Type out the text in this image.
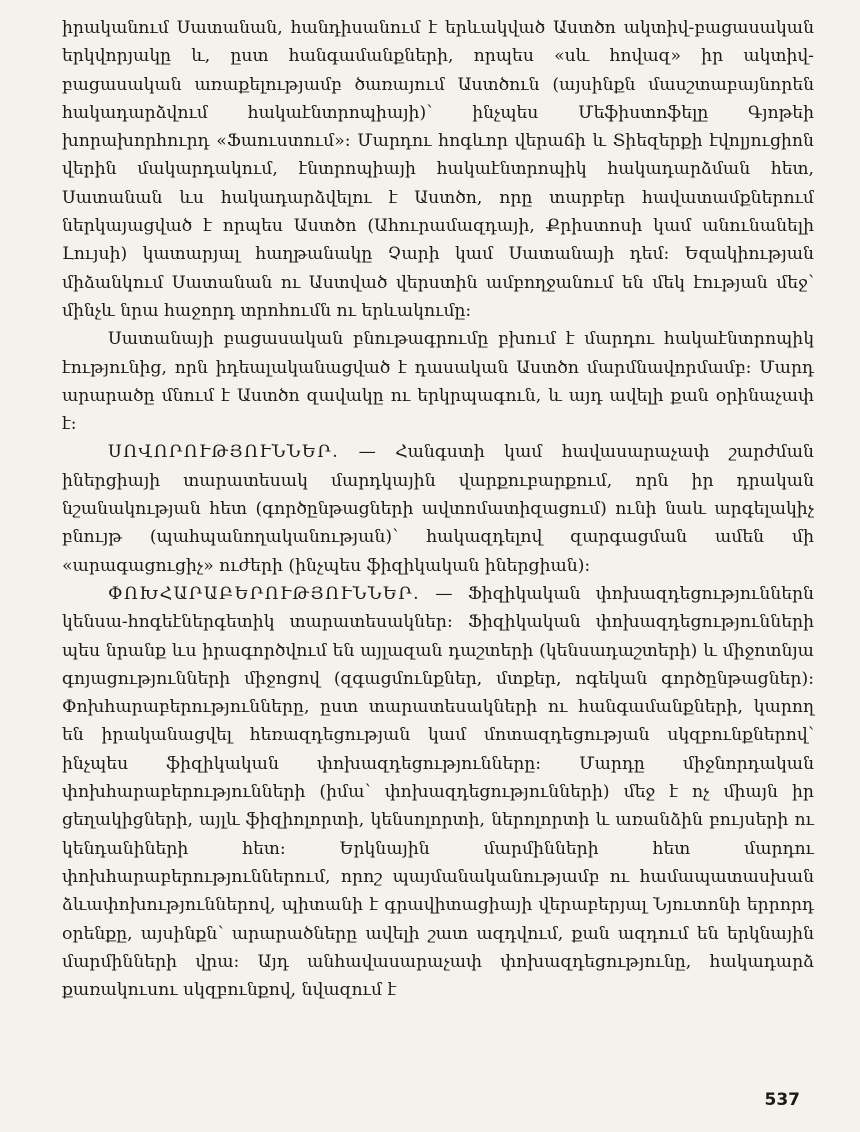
իրականում Սատանան, հանդիսանում է երևակված Աստծո ակտիվ-բացասական երկվորյակը և, ըստ հանգամանքների, որպես «սև հովազ» իր ակտիվ-բացասական առաքելությամբ ծառայում Աստծուն (այսինքն մասշտաբայնորեն հակադարձվում հակաէնտրոպիայի)՝ ինչպես Մեֆիստոֆելը Գյոթեի խորախորհուրդ «Ֆաուստում»: Մարդու հոգևոր վերաճի և Տիեզերքի էվոլյուցիոն վերին մակարդակում, էնտրոպիայի հակաէնտրոպիկ հակադարձման հետ, Սատանան ևս հակադարձվելու է Աստծո, որը տարբեր հավատամքներում ներկայացված է որպես Աստծո (Ահուրամազդայի, Քրիստոսի կամ անունանելի Լույսի) կատարյալ հաղթանակը Չարի կամ Սատանայի դեմ: Եզակիության միձանկում Սատանան ու Աստված վերստին ամբողջանում են մեկ էության մեջ՝ մինչև նրա հաջորդ տրոհումն ու երևակումը:

Սատանայի բացասական բնութագրումը բխում է մարդու հակաէնտրոպիկ էությունից, որն իդեալականացված է դասական Աստծո մարմնավորմամբ: Մարդ արարածը մնում է Աստծո զավակը ու երկրպագուն, և այդ ավելի քան օրինաչափ է:

ՍՈՎՈՐՈՒԹՅՈՒՆՆԵՐ. — Հանգստի կամ հավասարաչափ շարժման իներցիայի տարատեսակ մարդկային վարքուբարքում, որն իր դրական նշանակության հետ (գործընթացների ավտոմատիզացում) ունի նաև արգելակիչ բնույթ (պահպանողականության)՝ հակազդելով զարգացման ամեն մի «արագացուցիչ» ուժերի (ինչպես ֆիզիկական իներցիան):

ՓՈԽՀԱՐԱԲԵՐՈՒԹՅՈՒՆՆԵՐ. — Ֆիզիկական փոխազդեցություններն կենսա-հոգեէներգետիկ տարատեսակներ: Ֆիզիկական փոխազդեցությունների պես նրանք ևս իրագործվում են այլազան դաշտերի (կենսադաշտերի) և միջոտնյա գոյացությունների միջոցով (զգացմունքներ, մտքեր, ոգեկան գործընթացներ): Փոխհարաբերությունները, ըստ տարատեսակների ու հանգամանքների, կարող են իրականացվել հեռազդեցության կամ մոտազդեցության սկզբունքներով՝ ինչպես ֆիզիկական փոխազդեցությունները: Մարդը միջնորդական փոխհարաբերությունների (իմա՝ փոխազդեցությունների) մեջ է ոչ միայն իր ցեղակիցների, այլև ֆիզիոլորտի, կենսոլորտի, ներոլորտի և առանձին բույսերի ու կենդանիների հետ: Երկնային մարմինների հետ մարդու փոխհարաբերություններում, որոշ պայմանականությամբ ու համապատասխան ձևափոխություններով, պիտանի է գրավիտացիայի վերաբերյալ Նյուտոնի երրորդ օրենքը, այսինքն՝ արարածները ավելի շատ ազդվում, քան ազդում են երկնային մարմինների վրա: Այդ անհավասարաչափ փոխազդեցությունը, հակադարձ քառակուսու սկզբունքով, նվազում է

537
